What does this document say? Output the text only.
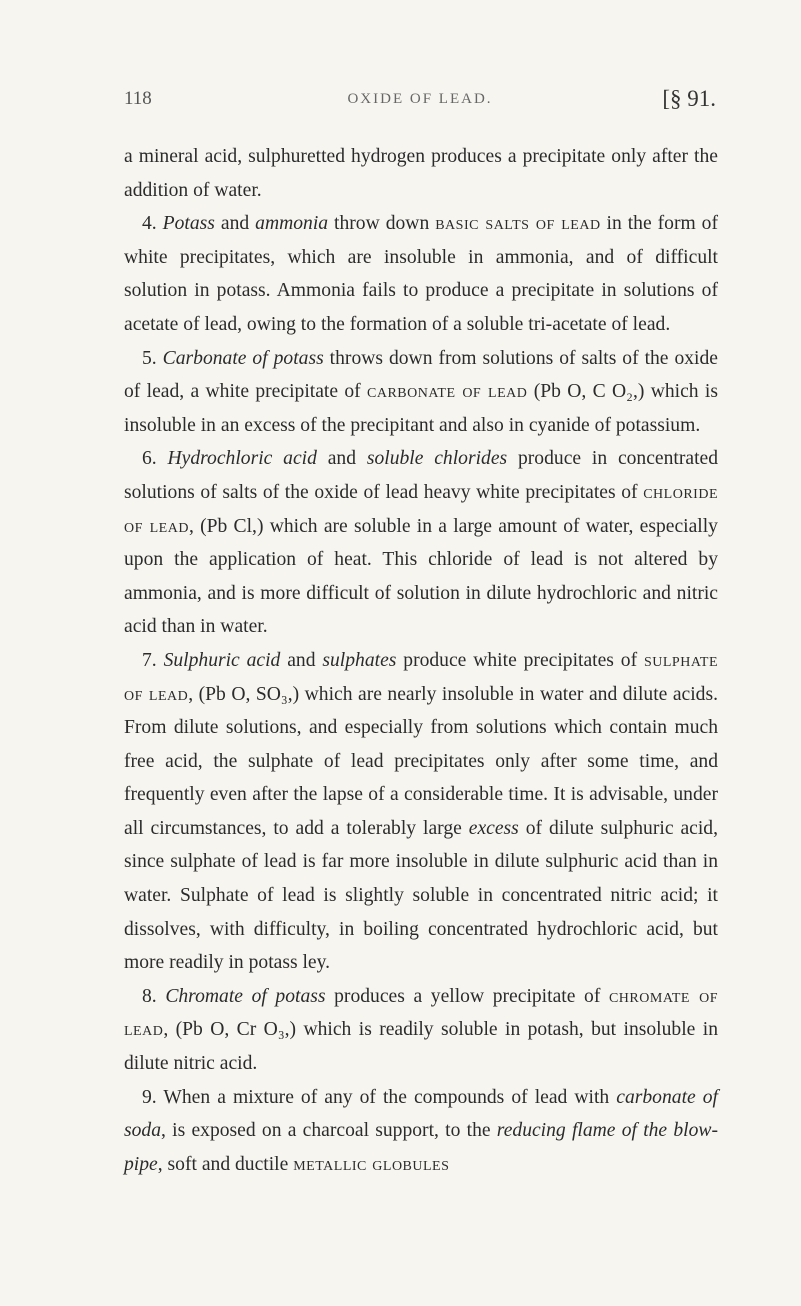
118	OXIDE OF LEAD.	[§ 91.

a mineral acid, sulphuretted hydrogen produces a precipitate only after the addition of water.

4. Potass and ammonia throw down basic salts of lead in the form of white precipitates, which are insoluble in ammonia, and of difficult solution in potass. Ammonia fails to produce a precipitate in solutions of acetate of lead, owing to the formation of a soluble tri-acetate of lead.

5. Carbonate of potass throws down from solutions of salts of the oxide of lead, a white precipitate of carbonate of lead (Pb O, C O₂,) which is insoluble in an excess of the precipitant and also in cyanide of potassium.

6. Hydrochloric acid and soluble chlorides produce in concentrated solutions of salts of the oxide of lead heavy white precipitates of chloride of lead, (Pb Cl,) which are soluble in a large amount of water, especially upon the application of heat. This chloride of lead is not altered by ammonia, and is more difficult of solution in dilute hydrochloric and nitric acid than in water.

7. Sulphuric acid and sulphates produce white precipitates of sulphate of lead, (Pb O, SO₃,) which are nearly insoluble in water and dilute acids. From dilute solutions, and especially from solutions which contain much free acid, the sulphate of lead precipitates only after some time, and frequently even after the lapse of a considerable time. It is advisable, under all circumstances, to add a tolerably large excess of dilute sulphuric acid, since sulphate of lead is far more insoluble in dilute sulphuric acid than in water. Sulphate of lead is slightly soluble in concentrated nitric acid; it dissolves, with difficulty, in boiling concentrated hydrochloric acid, but more readily in potass ley.

8. Chromate of potass produces a yellow precipitate of chromate of lead, (Pb O, Cr O₃,) which is readily soluble in potash, but insoluble in dilute nitric acid.

9. When a mixture of any of the compounds of lead with carbonate of soda, is exposed on a charcoal support, to the reducing flame of the blow-pipe, soft and ductile metallic globules
